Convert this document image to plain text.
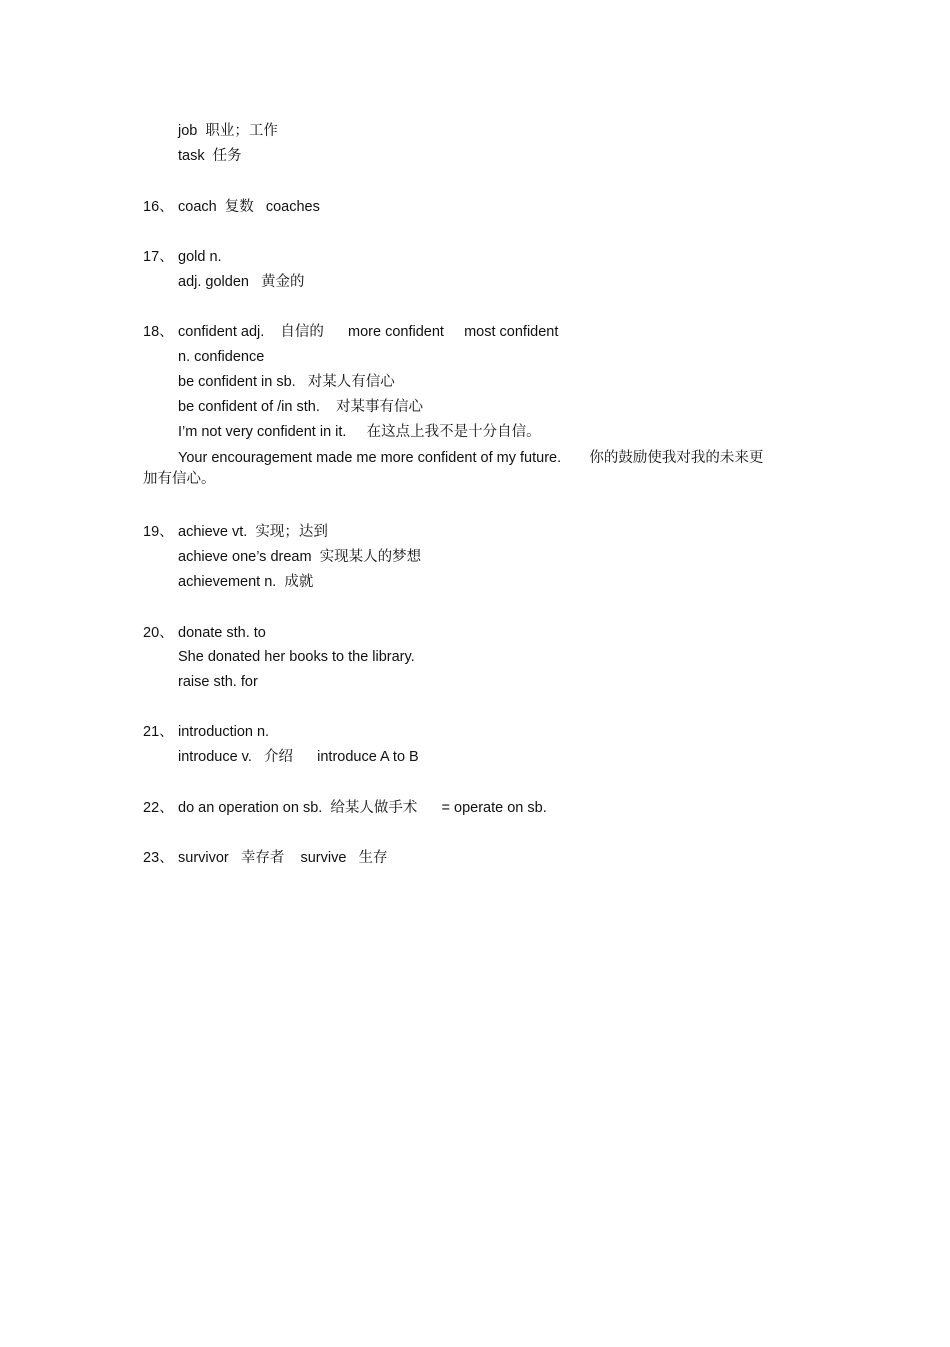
job  职业；工作
task  任务
16、 coach  复数   coaches
17、 gold n.
adj. golden   黄金的
18、 confident adj.    自信的      more confident     most confident
n. confidence
be confident in sb.   对某人有信心
be confident of /in sth.    对某事有信心
I’m not very confident in it.     在这点上我不是十分自信。
Your encouragement made me more confident of my future.       你的鼓励使我对我的未来更
加有信心。
19、 achieve vt.  实现；达到
achieve one’s dream  实现某人的梦想
achievement n.  成就
20、 donate sth. to
She donated her books to the library.
raise sth. for
21、 introduction n.
introduce v.   介绍      introduce A to B
22、 do an operation on sb.  给某人做手术      = operate on sb.
23、 survivor   幸存者    survive   生存
